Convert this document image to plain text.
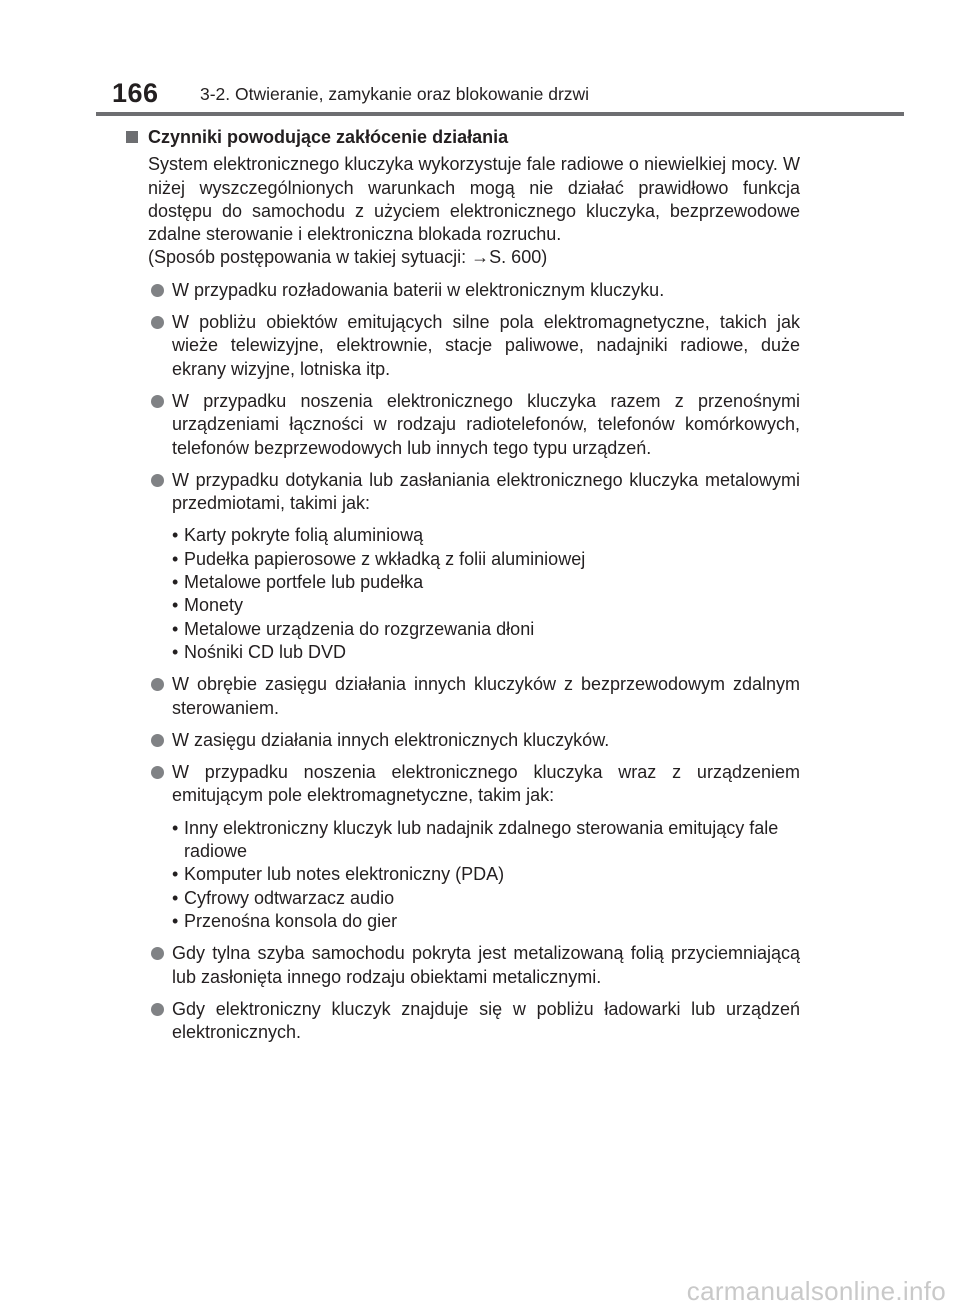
166 3-2. Otwieranie, zamykanie oraz blokowanie drzwi
Czynniki powodujące zakłócenie działania

System elektronicznego kluczyka wykorzystuje fale radiowe o niewielkiej mocy. W niżej wyszczególnionych warunkach mogą nie działać prawidłowo funkcja dostępu do samochodu z użyciem elektronicznego kluczyka, bezprzewodowe zdalne sterowanie i elektroniczna blokada rozruchu.

(Sposób postępowania w takiej sytuacji: →S. 600)

W przypadku rozładowania baterii w elektronicznym kluczyku.

W pobliżu obiektów emitujących silne pola elektromagnetyczne, takich jak wieże telewizyjne, elektrownie, stacje paliwowe, nadajniki radiowe, duże ekrany wizyjne, lotniska itp.

W przypadku noszenia elektronicznego kluczyka razem z przenośnymi urządzeniami łączności w rodzaju radiotelefonów, telefonów komórkowych, telefonów bezprzewodowych lub innych tego typu urządzeń.

W przypadku dotykania lub zasłaniania elektronicznego kluczyka metalowymi przedmiotami, takimi jak:

• Karty pokryte folią aluminiową
• Pudełka papierosowe z wkładką z folii aluminiowej
• Metalowe portfele lub pudełka
• Monety
• Metalowe urządzenia do rozgrzewania dłoni
• Nośniki CD lub DVD

W obrębie zasięgu działania innych kluczyków z bezprzewodowym zdalnym sterowaniem.

W zasięgu działania innych elektronicznych kluczyków.

W przypadku noszenia elektronicznego kluczyka wraz z urządzeniem emitującym pole elektromagnetyczne, takim jak:

• Inny elektroniczny kluczyk lub nadajnik zdalnego sterowania emitujący fale radiowe
• Komputer lub notes elektroniczny (PDA)
• Cyfrowy odtwarzacz audio
• Przenośna konsola do gier

Gdy tylna szyba samochodu pokryta jest metalizowaną folią przyciemniającą lub zasłonięta innego rodzaju obiektami metalicznymi.

Gdy elektroniczny kluczyk znajduje się w pobliżu ładowarki lub urządzeń elektronicznych.

carmanualsonline.info
